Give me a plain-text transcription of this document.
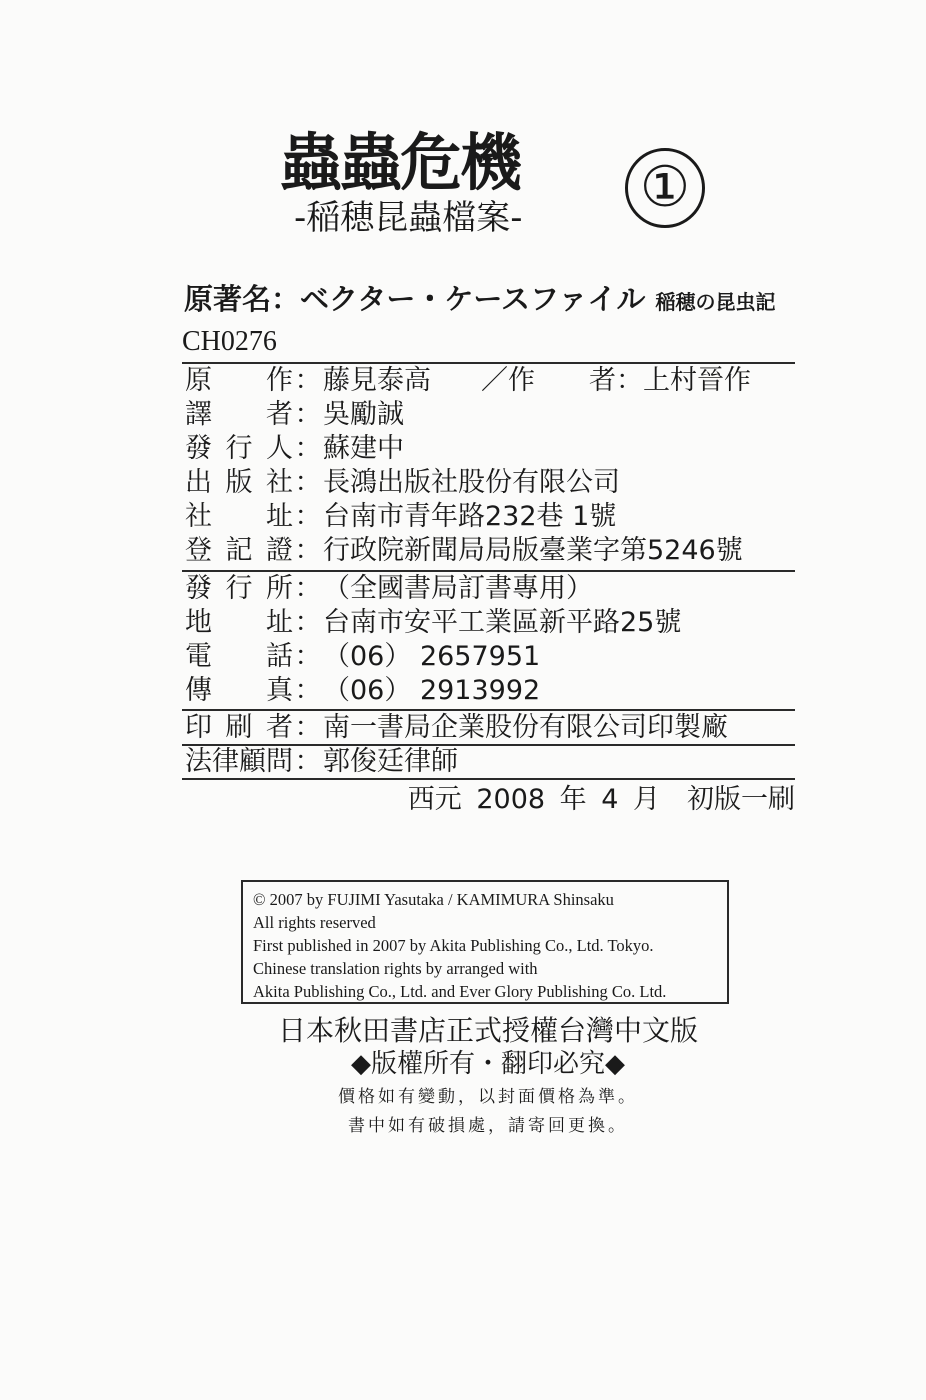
蟲蟲危機 ①
-稲穂昆蟲檔案-
原著名：ベクター・ケースファイル 稲穂の昆虫記
CH0276
原作 ： 藤見泰高 ／作　　者：上村晉作
譯者 ： 吳勵誠
發行人 ： 蘇建中
出版社 ： 長鴻出版社股份有限公司
社址 ： 台南市青年路232巷 1號
登記證 ： 行政院新聞局局版臺業字第5246號
發行所 ： （全國書局訂書專用）
地址 ： 台南市安平工業區新平路25號
電話 ： （06） 2657951
傳真 ： （06） 2913992
印刷者 ： 南一書局企業股份有限公司印製廠
法律顧問 ： 郭俊廷律師
西元 2008 年 4 月　初版一刷
© 2007 by FUJIMI Yasutaka / KAMIMURA Shinsaku
All rights reserved
First published in 2007 by Akita Publishing Co., Ltd. Tokyo.
Chinese translation rights by arranged with
Akita Publishing Co., Ltd. and Ever Glory Publishing Co. Ltd.
日本秋田書店正式授權台灣中文版
◆版權所有・翻印必究◆
價格如有變動，以封面價格為準。
書中如有破損處，請寄回更換。
